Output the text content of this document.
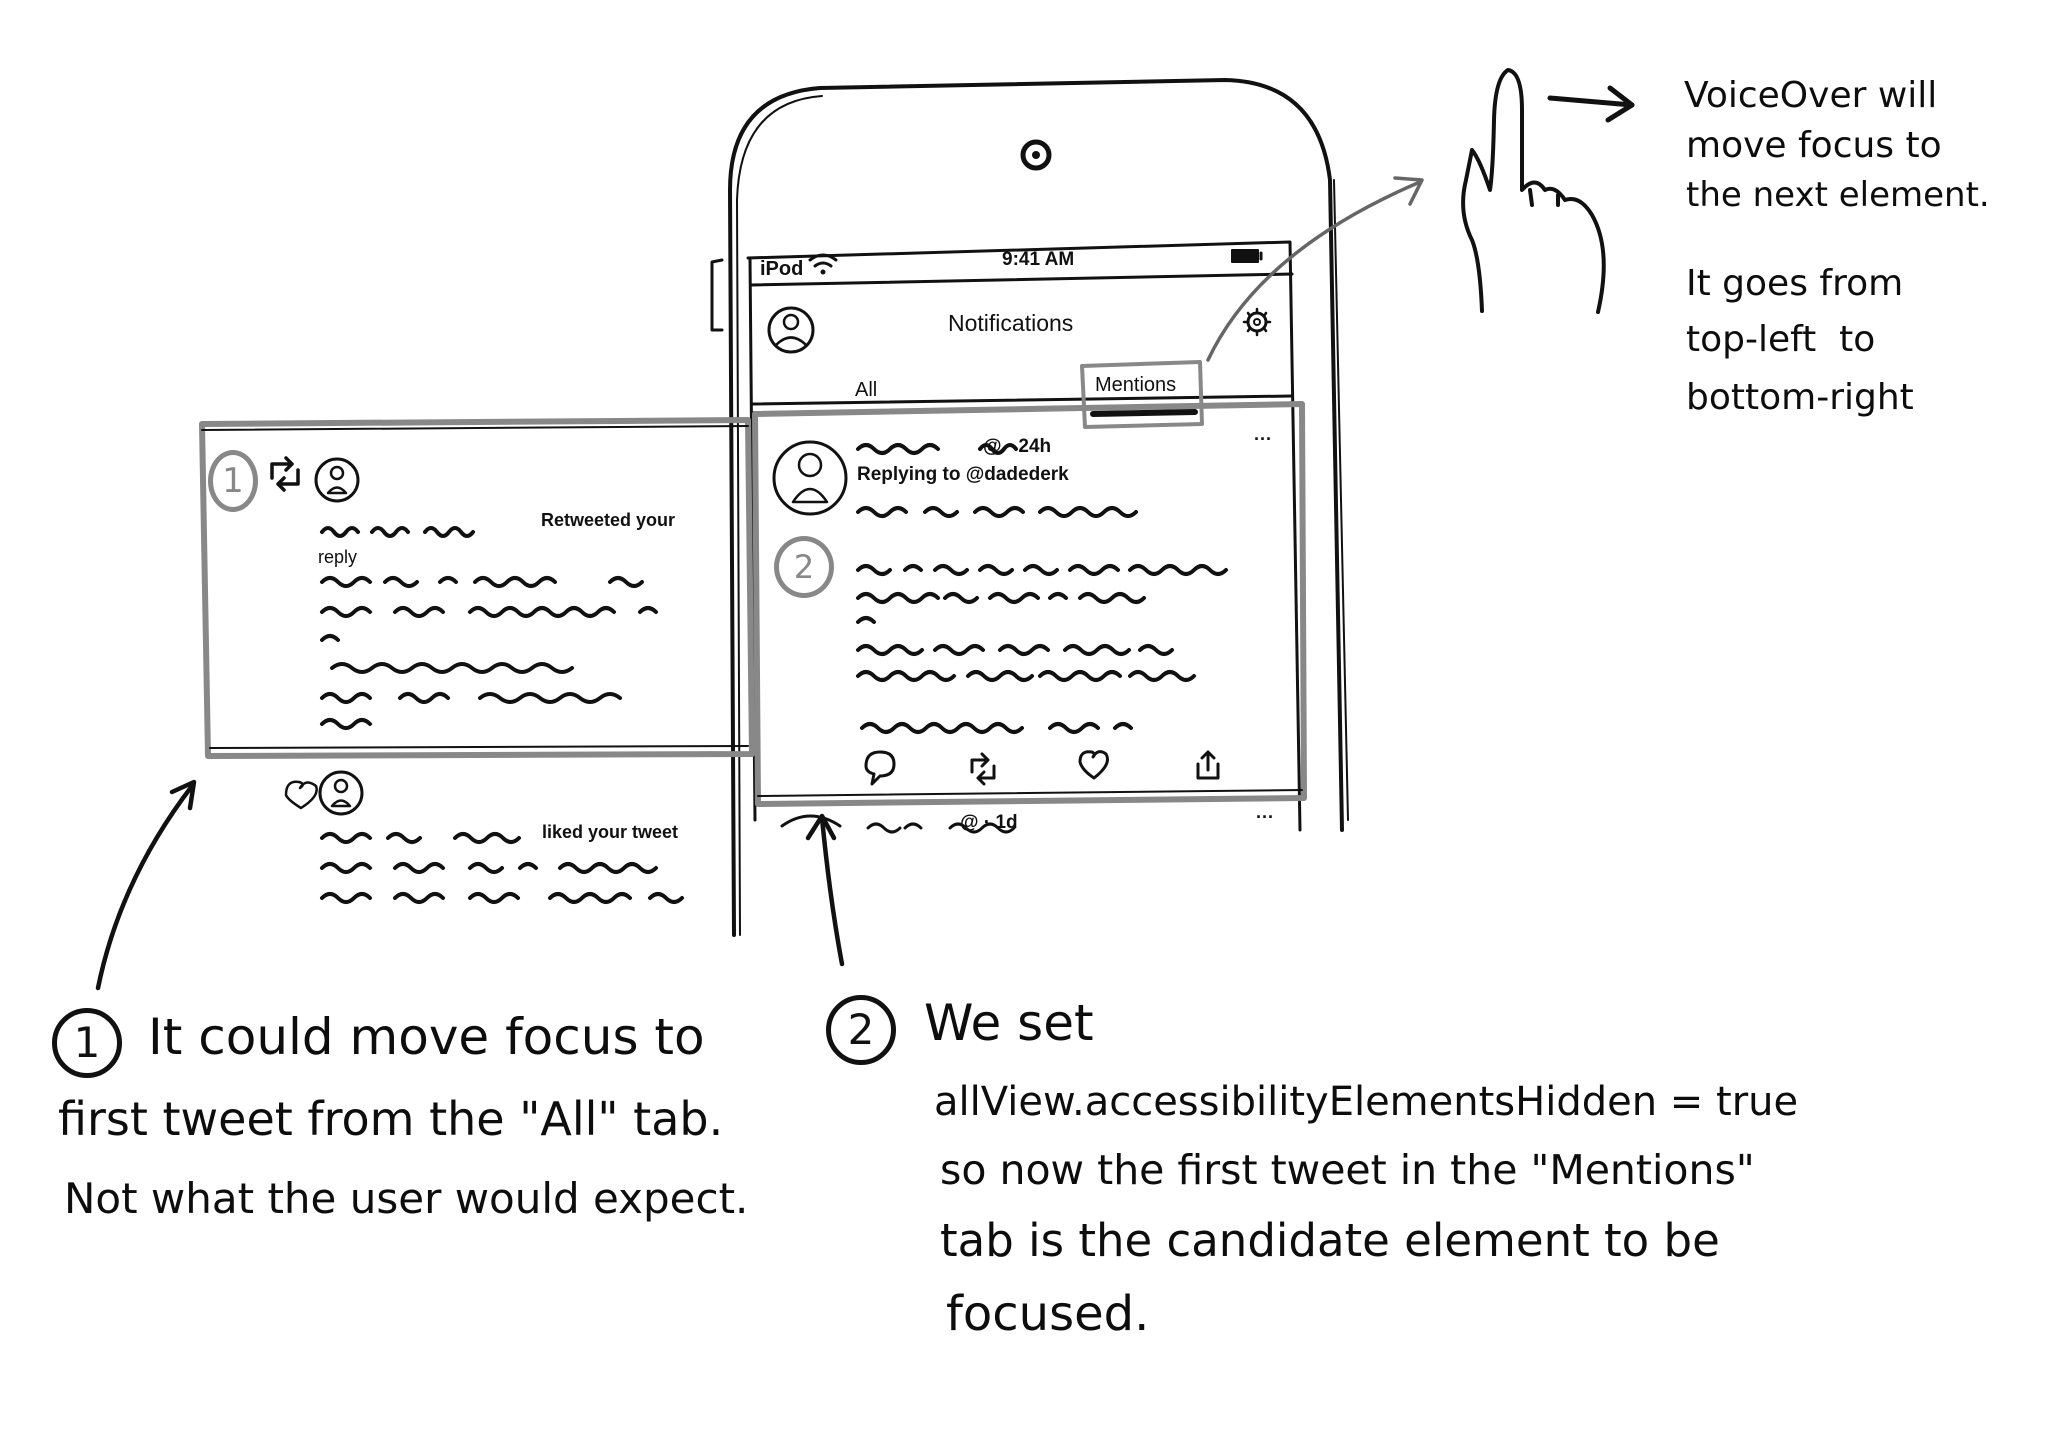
iPod	9:41 AM
Notifications
All	Mentions
1
Retweeted your
reply
liked your tweet
@ · 24h	···
Replying to @dadederk
2
@ · 1d	···
VoiceOver will
move focus to
the next element.
It goes from
top-left  to
bottom-right
1 It could move focus to
first tweet from the "All" tab.
Not what the user would expect.
2 We set
allView.accessibilityElementsHidden = true
so now the first tweet in the "Mentions"
tab is the candidate element to be
focused.
